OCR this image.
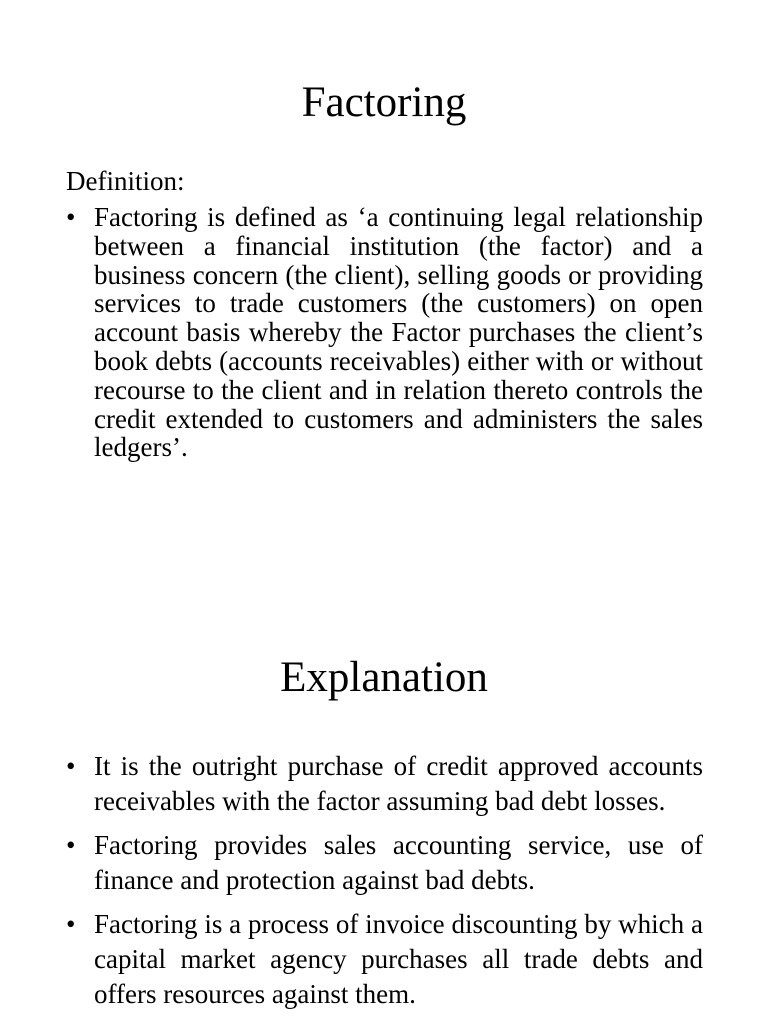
Factoring
Definition:
• Factoring is defined as ‘a continuing legal relationship between a financial institution (the factor) and a business concern (the client), selling goods or providing services to trade customers (the customers) on open account basis whereby the Factor purchases the client’s book debts (accounts receivables) either with or without recourse to the client and in relation thereto controls the credit extended to customers and administers the sales ledgers’.
Explanation
• It is the outright purchase of credit approved accounts receivables with the factor assuming bad debt losses.
• Factoring provides sales accounting service, use of finance and protection against bad debts.
• Factoring is a process of invoice discounting by which a capital market agency purchases all trade debts and offers resources against them.
